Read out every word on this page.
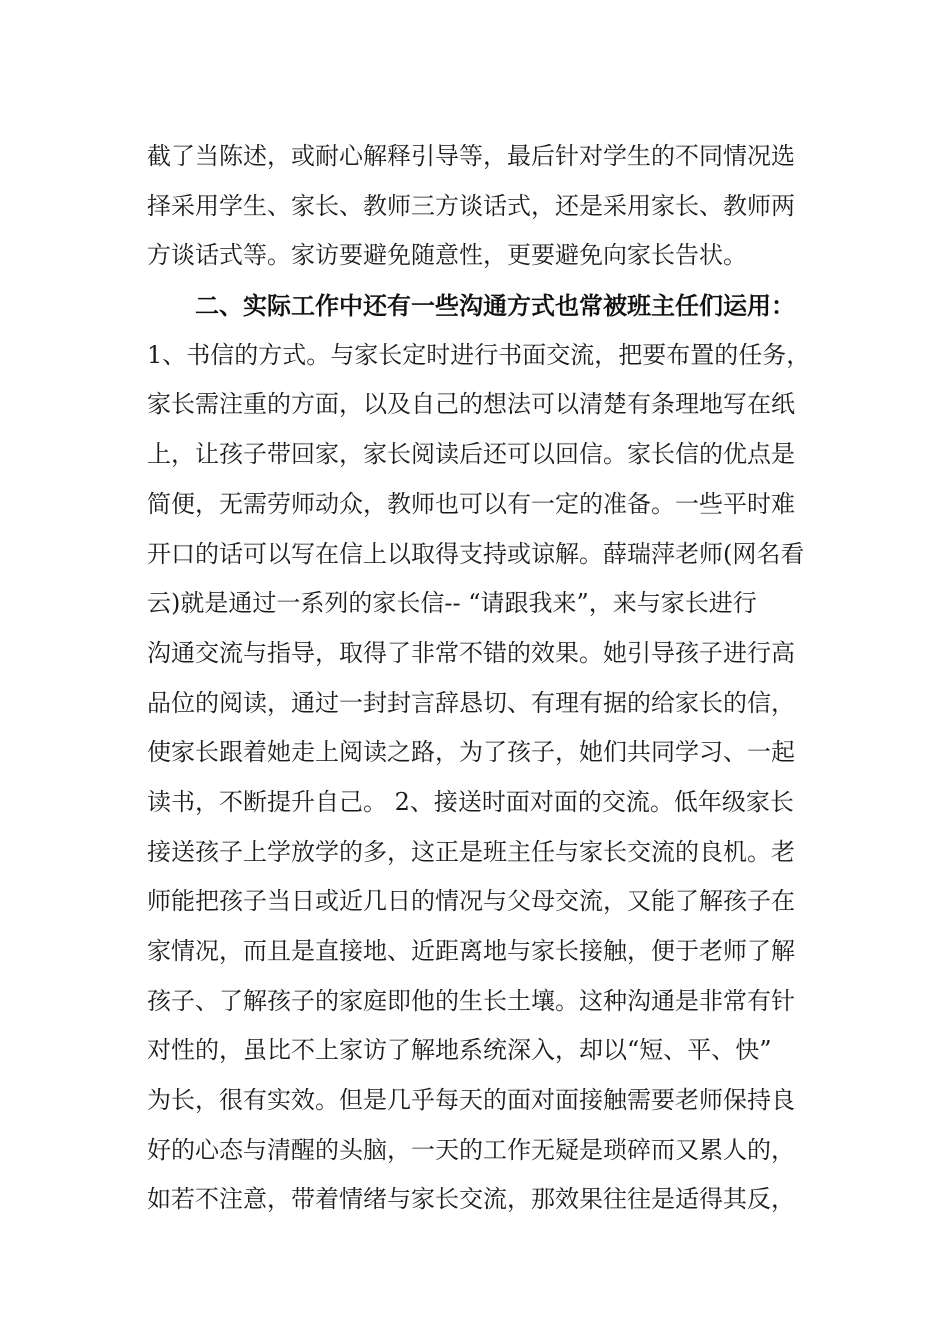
截了当陈述，或耐心解释引导等，最后针对学生的不同情况选
择采用学生、家长、教师三方谈话式，还是采用家长、教师两
方谈话式等。家访要避免随意性，更要避免向家长告状。
二、实际工作中还有一些沟通方式也常被班主任们运用：
1、书信的方式。与家长定时进行书面交流，把要布置的任务，
家长需注重的方面，以及自己的想法可以清楚有条理地写在纸
上，让孩子带回家，家长阅读后还可以回信。家长信的优点是
简便，无需劳师动众，教师也可以有一定的准备。一些平时难
开口的话可以写在信上以取得支持或谅解。薛瑞萍老师(网名看
云)就是通过一系列的家长信-- “请跟我来”，来与家长进行
沟通交流与指导，取得了非常不错的效果。她引导孩子进行高
品位的阅读，通过一封封言辞恳切、有理有据的给家长的信，
使家长跟着她走上阅读之路，为了孩子，她们共同学习、一起
读书，不断提升自己。 2、接送时面对面的交流。低年级家长
接送孩子上学放学的多，这正是班主任与家长交流的良机。老
师能把孩子当日或近几日的情况与父母交流，又能了解孩子在
家情况，而且是直接地、近距离地与家长接触，便于老师了解
孩子、了解孩子的家庭即他的生长土壤。这种沟通是非常有针
对性的，虽比不上家访了解地系统深入，却以“短、平、快”
为长，很有实效。但是几乎每天的面对面接触需要老师保持良
好的心态与清醒的头脑，一天的工作无疑是琐碎而又累人的，
如若不注意，带着情绪与家长交流，那效果往往是适得其反，
